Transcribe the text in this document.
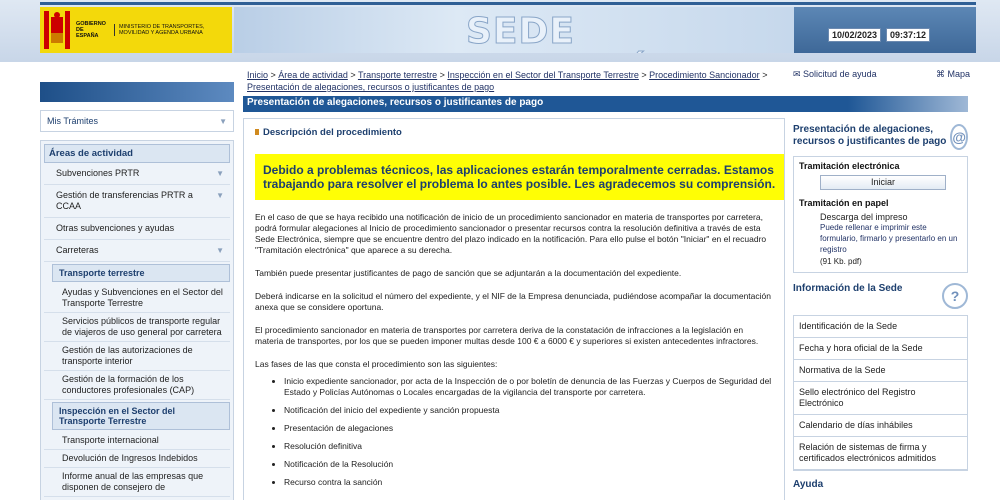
GOBIERNO DE ESPAÑA
MINISTERIO DE TRANSPORTES, MOVILIDAD Y AGENDA URBANA	SEDE	10/02/2023	09:37:12
Mis Trámites	▼
Áreas de actividad
Subvenciones PRTR	▼
Gestión de transferencias PRTR a CCAA
▼
Otras subvenciones y ayudas
Carreteras	▼
Transporte terrestre
Ayudas y Subvenciones en el Sector del Transporte Terrestre
Servicios públicos de transporte regular de viajeros de uso general por carretera
Gestión de las autorizaciones de transporte interior
Gestión de la formación de los conductores profesionales (CAP)
Inspección en el Sector del Transporte Terrestre
Transporte internacional
Devolución de Ingresos Indebidos
Informe anual de las empresas que disponen de consejero de
Inicio > Área de actividad > Transporte terrestre > Inspección en el Sector del Transporte Terrestre > Procedimiento Sancionador > Presentación de alegaciones, recursos o justificantes de pago
✉ Solicitud de ayuda	⌘ Mapa
Presentación de alegaciones, recursos o justificantes de pago
Descripción del procedimiento
Debido a problemas técnicos, las aplicaciones estarán temporalmente cerradas. Estamos trabajando para resolver el problema lo antes posible. Les agradecemos su comprensión.
En el caso de que se haya recibido una notificación de inicio de un procedimiento sancionador en materia de transportes por carretera, podrá formular alegaciones al Inicio de procedimiento sancionador o presentar recursos contra la resolución definitiva a través de esta Sede Electrónica, siempre que se encuentre dentro del plazo indicado en la notificación. Para ello pulse el botón "Iniciar" en el recuadro "Tramitación electrónica" que aparece a su derecha.
También puede presentar justificantes de pago de sanción que se adjuntarán a la documentación del expediente.
Deberá indicarse en la solicitud el número del expediente, y el NIF de la Empresa denunciada, pudiéndose acompañar la documentación anexa que se considere oportuna.
El procedimiento sancionador en materia de transportes por carretera deriva de la constatación de infracciones a la legislación en materia de transportes, por los que se pueden imponer multas desde 100 € a 6000 € y superiores si existen antecedentes infractores.
Las fases de las que consta el procedimiento son las siguientes:
• Inicio expediente sancionador, por acta de la Inspección de o por boletín de denuncia de las Fuerzas y Cuerpos de Seguridad del Estado y Policías Autónomas o Locales encargadas de la vigilancia del transporte por carretera.
• Notificación del inicio del expediente y sanción propuesta
• Presentación de alegaciones
• Resolución definitiva
• Notificación de la Resolución
• Recurso contra la sanción
Presentación de alegaciones, recursos o justificantes de pago @
Tramitación electrónica
Iniciar
Tramitación en papel
Descarga del impreso
Puede rellenar e imprimir este formulario, firmarlo y presentarlo en un registro
(91 Kb. pdf)
Información de la Sede	?
Identificación de la Sede
Fecha y hora oficial de la Sede
Normativa de la Sede
Sello electrónico del Registro Electrónico
Calendario de días inhábiles
Relación de sistemas de firma y certificados electrónicos admitidos
Ayuda
